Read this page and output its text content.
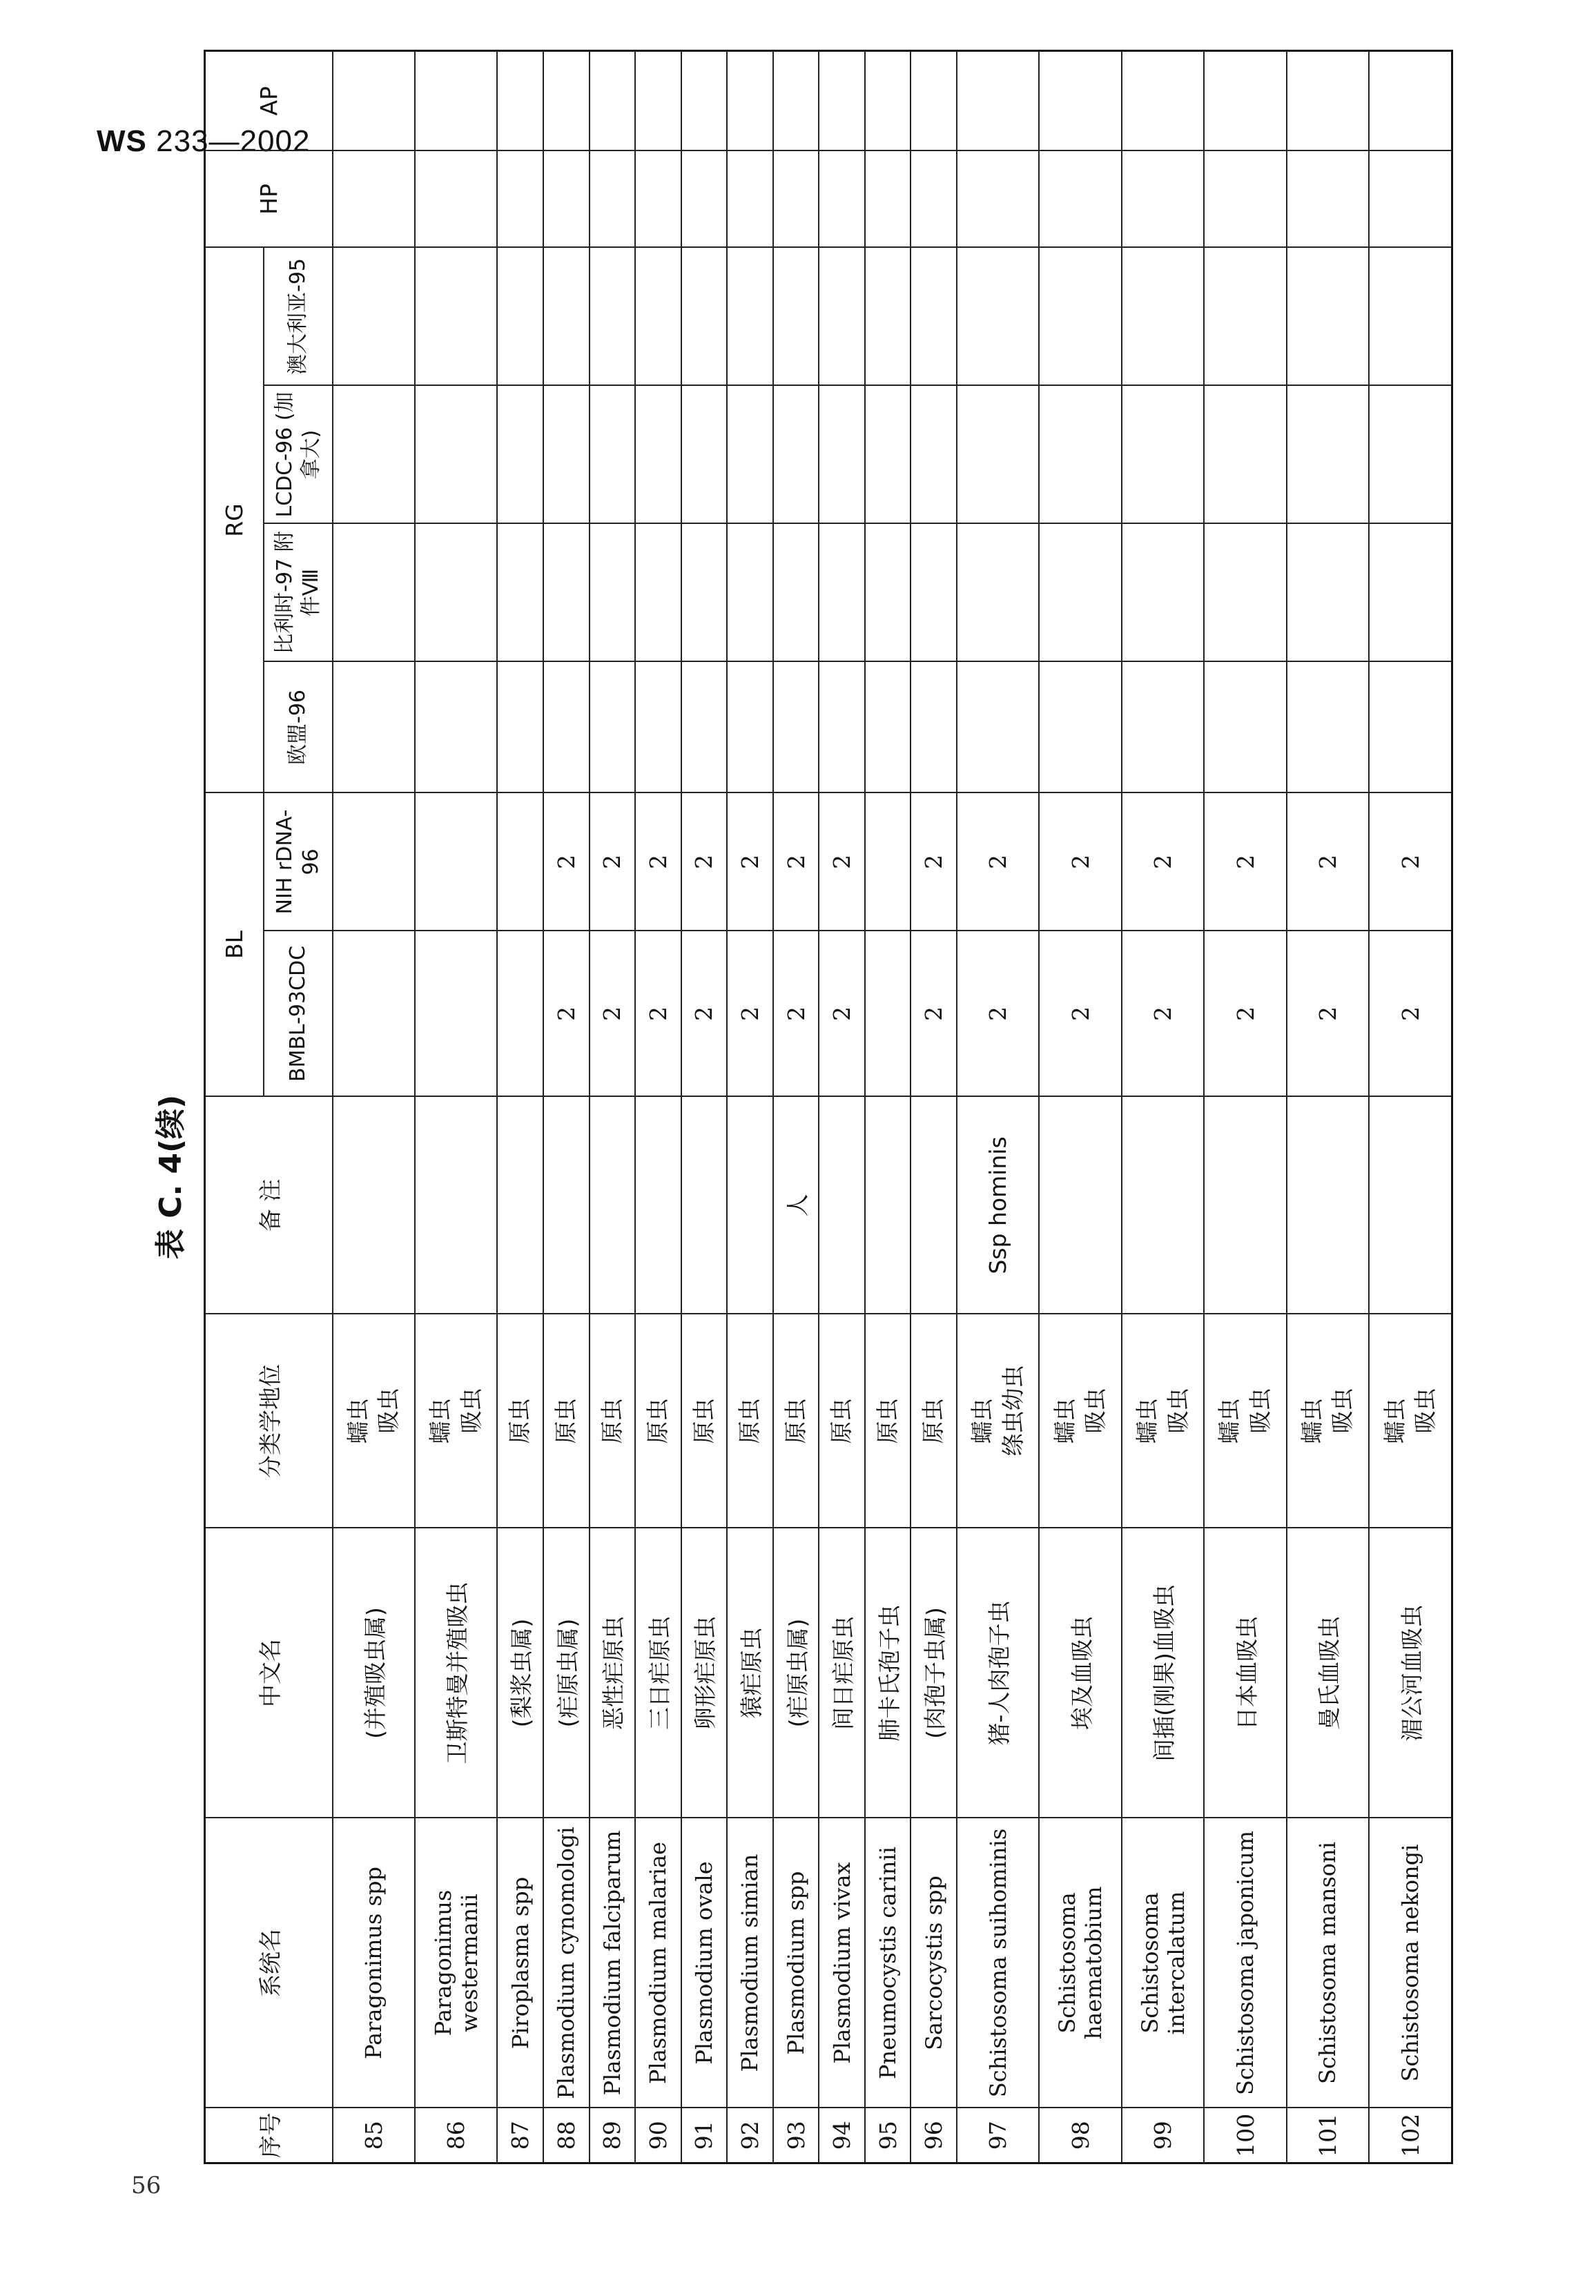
WS 233—2002
表 C. 4(续)
序号	系统名	中文名	分类学地位	备 注	BL		RG				HP	AP
					BMBL-93CDC	NIH rDNA-96	欧盟-96	比利时-97 附件Ⅷ	LCDC-96 (加拿大)	澳大利亚-95		
85	Paragonimus spp	(并殖吸虫属)	蠕虫 吸虫									

86	Paragonimus westermanii	卫斯特曼并殖吸虫	蠕虫 吸虫									

87	Piroplasma spp	(梨浆虫属)	原虫									

88	Plasmodium cynomologi	(疟原虫属)	原虫		2	2						
89	Plasmodium falciparum	恶性疟原虫	原虫		2	2						
90	Plasmodium malariae	三日疟原虫	原虫		2	2						
91	Plasmodium ovale	卵形疟原虫	原虫		2	2						
92	Plasmodium simian	猿疟原虫	原虫		2	2						
93	Plasmodium spp	(疟原虫属)	原虫	人	2	2						
94	Plasmodium vivax	间日疟原虫	原虫		2	2						
95	Pneumocystis carinii	肺卡氏孢子虫	原虫									

96	Sarcocystis spp	(肉孢子虫属)	原虫		2	2						
97	Schistosoma suihominis	猪-人肉孢子虫	蠕虫 绦虫幼虫	Ssp hominis	2	2						
98	Schistosoma haematobium	埃及血吸虫	蠕虫 吸虫		2	2						
99	Schistosoma intercalatum	间插(刚果)血吸虫	蠕虫 吸虫		2	2						
100	Schistosoma japonicum	日本血吸虫	蠕虫 吸虫		2	2						
101	Schistosoma mansoni	曼氏血吸虫	蠕虫 吸虫		2	2						
102	Schistosoma nekongi	湄公河血吸虫	蠕虫 吸虫		2	2						
56
